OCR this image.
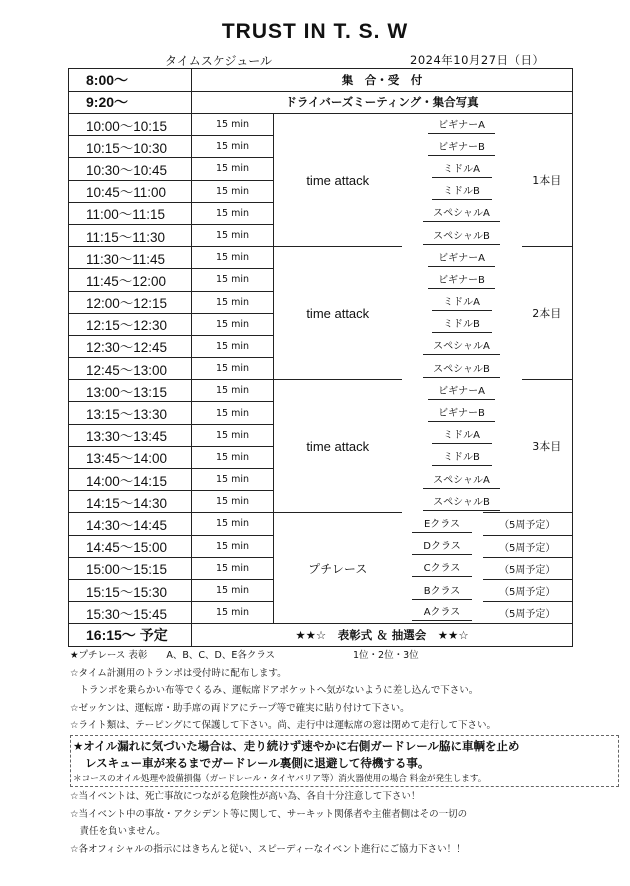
TRUST IN T. S. W
タイムスケジュール	2024年10月27日（日）
8:00～	集　合・受　付				
9:20～	ドライバーズミーティング・集合写真				
10:00～10:15	15 min	time attack	ビギナーA		1本目
10:15～10:30	15 min		ビギナーB		
10:30～10:45	15 min		ミドルA		
10:45～11:00	15 min		ミドルB		
11:00～11:15	15 min		スペシャルA		
11:15～11:30	15 min		スペシャルB		
11:30～11:45	15 min	time attack	ビギナーA		2本目
11:45～12:00	15 min		ビギナーB		
12:00～12:15	15 min		ミドルA		
12:15～12:30	15 min		ミドルB		
12:30～12:45	15 min		スペシャルA		
12:45～13:00	15 min		スペシャルB		
13:00～13:15	15 min	time attack	ビギナーA		3本目
13:15～13:30	15 min		ビギナーB		
13:30～13:45	15 min		ミドルA		
13:45～14:00	15 min		ミドルB		
14:00～14:15	15 min		スペシャルA		
14:15～14:30	15 min		スペシャルB		
14:30～14:45	15 min	プチレース	Eクラス	（5周予定）	
14:45～15:00	15 min		Dクラス	（5周予定）	
15:00～15:15	15 min		Cクラス	（5周予定）	
15:15～15:30	15 min		Bクラス	（5周予定）	
15:30～15:45	15 min		Aクラス	（5周予定）	
16:15～ 予定	★★☆　表彰式 ＆ 抽選会　★★☆				
★プチレース 表彰　　A、B、C、D、E各クラス
☆タイム計測用のトランポは受付時に配布します。
　トランポを乗らかい布等でくるみ、運転席ドアポケットへ気がないように差し込んで下さい。
☆ゼッケンは、運転席・助手席の両ドアにテープ等で確実に貼り付けて下さい。
☆ライト類は、テーピングにて保護して下さい。尚、走行中は運転席の窓は閉めて走行して下さい。
1位・2位・3位
★オイル漏れに気づいた場合は、走り続けず速やかに右側ガードレール脇に車輌を止め
レスキュー車が来るまでガードレール裏側に退避して待機する事。
＊コースのオイル処理や設備損傷（ガードレール・タイヤバリア等）消火器使用の場合 料金が発生します。
☆当イベントは、死亡事故につながる危険性が高い為、各自十分注意して下さい！
☆当イベント中の事故・アクシデント等に関して、サーキット関係者や主催者側はその一切の
　責任を負いません。
☆各オフィシャルの指示にはきちんと従い、スピーディーなイベント進行にご協力下さい！！
